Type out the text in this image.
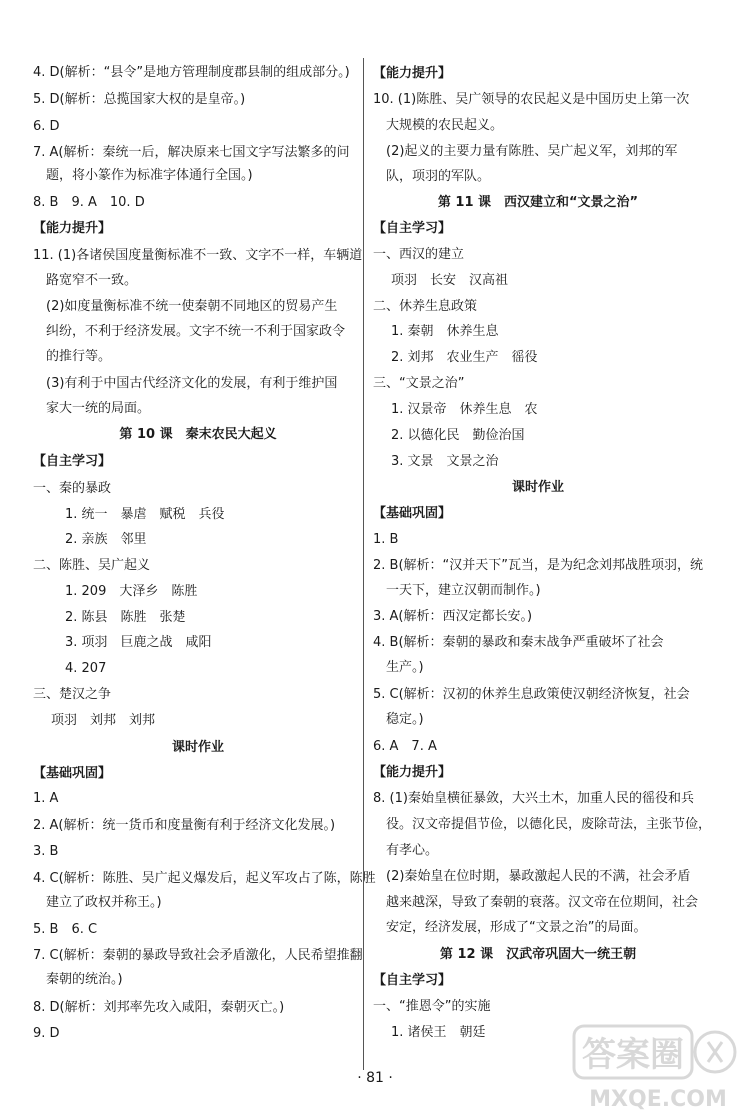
4. D(解析：“县令”是地方管理制度郡县制的组成部分。)
5. D(解析：总揽国家大权的是皇帝。)
6. D
7. A(解析：秦统一后，解决原来七国文字写法繁多的问
题，将小篆作为标准字体通行全国。)
8. B　9. A　10. D
【能力提升】
11. (1)各诸侯国度量衡标准不一致、文字不一样，车辆道
路宽窄不一致。
(2)如度量衡标准不统一使秦朝不同地区的贸易产生
纠纷，不利于经济发展。文字不统一不利于国家政令
的推行等。
(3)有利于中国古代经济文化的发展，有利于维护国
家大一统的局面。
第 10 课　秦末农民大起义
【自主学习】
一、秦的暴政
1. 统一　暴虐　赋税　兵役
2. 亲族　邻里
二、陈胜、吴广起义
1. 209　大泽乡　陈胜
2. 陈县　陈胜　张楚
3. 项羽　巨鹿之战　咸阳
4. 207
三、楚汉之争
项羽　刘邦　刘邦
课时作业
【基础巩固】
1. A
2. A(解析：统一货币和度量衡有利于经济文化发展。)
3. B
4. C(解析：陈胜、吴广起义爆发后，起义军攻占了陈，陈胜
建立了政权并称王。)
5. B　6. C
7. C(解析：秦朝的暴政导致社会矛盾激化，人民希望推翻
秦朝的统治。)
8. D(解析：刘邦率先攻入咸阳，秦朝灭亡。)
9. D
【能力提升】
10. (1)陈胜、吴广领导的农民起义是中国历史上第一次
大规模的农民起义。
(2)起义的主要力量有陈胜、吴广起义军，刘邦的军
队，项羽的军队。
第 11 课　西汉建立和“文景之治”
【自主学习】
一、西汉的建立
项羽　长安　汉高祖
二、休养生息政策
1. 秦朝　休养生息
2. 刘邦　农业生产　徭役
三、“文景之治”
1. 汉景帝　休养生息　农
2. 以德化民　勤俭治国
3. 文景　文景之治
课时作业
【基础巩固】
1. B
2. B(解析：“汉并天下”瓦当，是为纪念刘邦战胜项羽，统
一天下，建立汉朝而制作。)
3. A(解析：西汉定都长安。)
4. B(解析：秦朝的暴政和秦末战争严重破坏了社会
生产。)
5. C(解析：汉初的休养生息政策使汉朝经济恢复，社会
稳定。)
6. A　7. A
【能力提升】
8. (1)秦始皇横征暴敛，大兴土木，加重人民的徭役和兵
役。汉文帝提倡节俭，以德化民，废除苛法，主张节俭，
有孝心。
(2)秦始皇在位时期，暴政激起人民的不满，社会矛盾
越来越深，导致了秦朝的衰落。汉文帝在位期间，社会
安定，经济发展，形成了“文景之治”的局面。
第 12 课　汉武帝巩固大一统王朝
【自主学习】
一、“推恩令”的实施
1. 诸侯王　朝廷
· 81 ·
答案圈
MXQE.COM
